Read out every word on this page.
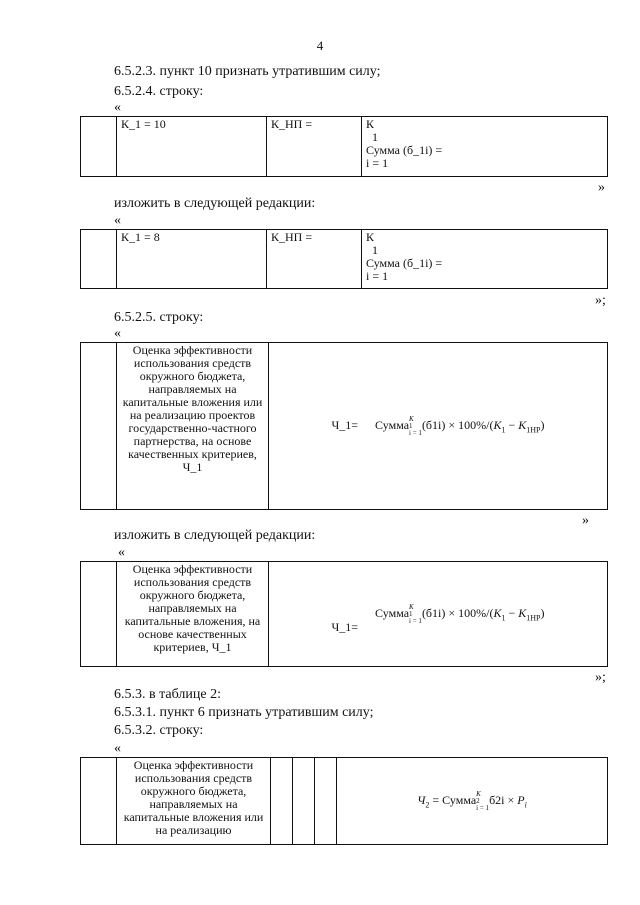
4
6.5.2.3. пункт 10 признать утратившим силу;
6.5.2.4. строку:
«
	К_1 = 10	К_НП =	К
1
Сумма (б_1i) =
i = 1
»
изложить в следующей редакции:
«
	К_1 = 8	К_НП =	К
1
Сумма (б_1i) =
i = 1
»;
6.5.2.5. строку:
«
	Оценка эффективности использования средств окружного бюджета, направляемых на капитальные вложения или на реализацию проектов государственно-частного партнерства, на основе качественных критериев, Ч_1	Ч_1= Сумма K
1
i = 1
$(б1i) \times 100\%/(K_1 - K_{1HP})$
»
изложить в следующей редакции:
«
	Оценка эффективности использования средств окружного бюджета, направляемых на капитальные вложения, на основе качественных критериев, Ч_1	Ч_1= Сумма K
1
i = 1
$(б1i) \times 100\%/(K_1 - K_{1HP})$
»;
6.5.3. в таблице 2:
6.5.3.1. пункт 6 признать утратившим силу;
6.5.3.2. строку:
«
	Оценка эффективности использования средств окружного бюджета, направляемых на капитальные вложения или на реализацию				$Ч_2$ = Сумма K
2
i = 1
$б2i \times P_i$
